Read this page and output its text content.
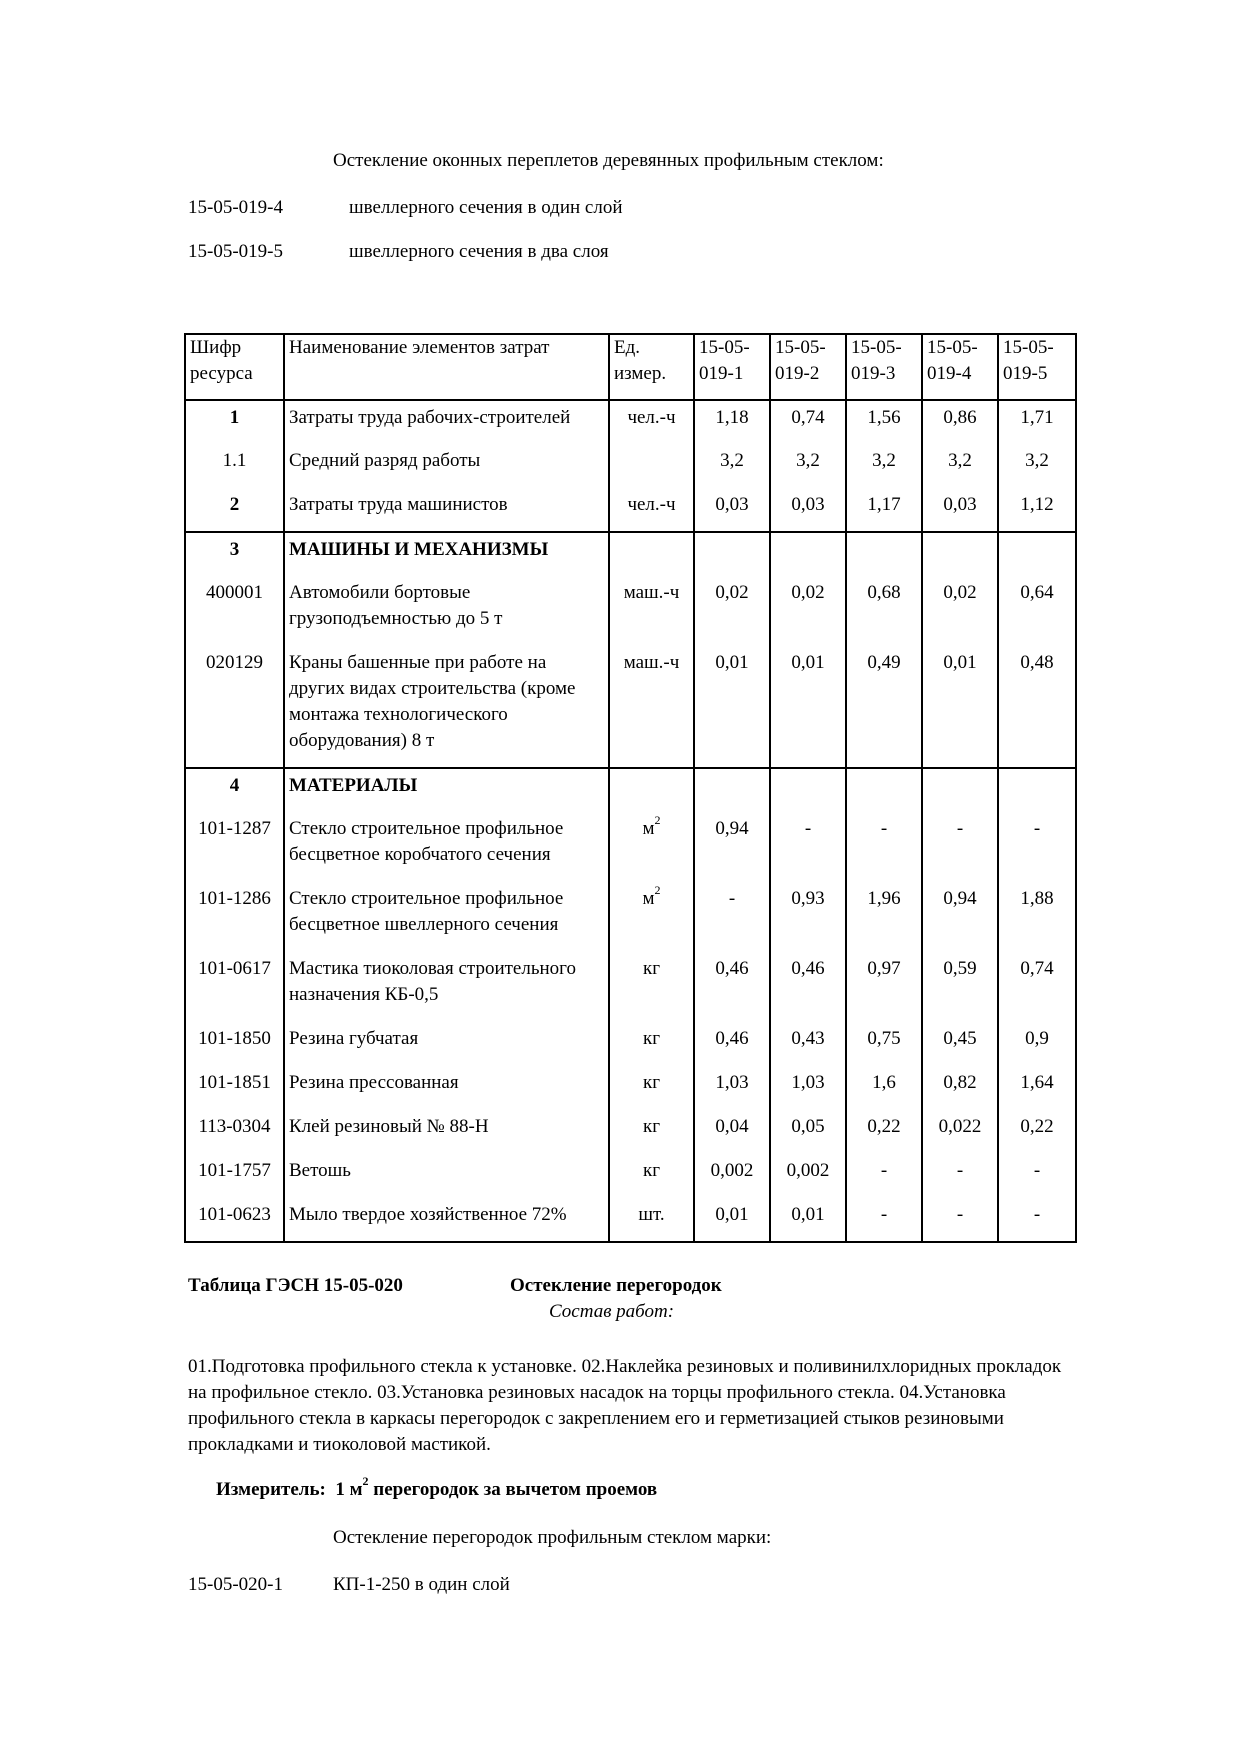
Остекление оконных переплетов деревянных профильным стеклом:
15-05-019-4	швеллерного сечения в один слой
15-05-019-5	швеллерного сечения в два слоя
Шифр ресурса	Наименование элементов затрат	Ед. измер.	15-05-019-1	15-05-019-2	15-05-019-3	15-05-019-4	15-05-019-5
1	Затраты труда рабочих-строителей	чел.-ч	1,18	0,74	1,56	0,86	1,71
1.1	Средний разряд работы		3,2	3,2	3,2	3,2	3,2
2	Затраты труда машинистов	чел.-ч	0,03	0,03	1,17	0,03	1,12
3	МАШИНЫ И МЕХАНИЗМЫ						
400001	Автомобили бортовые грузоподъемностью до 5 т	маш.-ч	0,02	0,02	0,68	0,02	0,64
020129	Краны башенные при работе на других видах строительства (кроме монтажа технологического оборудования) 8 т	маш.-ч	0,01	0,01	0,49	0,01	0,48
4	МАТЕРИАЛЫ						
101-1287	Стекло строительное профильное бесцветное коробчатого сечения	$м^2$	0,94	-	-	-	-
101-1286	Стекло строительное профильное бесцветное швеллерного сечения	$м^2$	-	0,93	1,96	0,94	1,88
101-0617	Мастика тиоколовая строительного назначения КБ-0,5	кг	0,46	0,46	0,97	0,59	0,74
101-1850	Резина губчатая	кг	0,46	0,43	0,75	0,45	0,9
101-1851	Резина прессованная	кг	1,03	1,03	1,6	0,82	1,64
113-0304	Клей резиновый № 88-Н	кг	0,04	0,05	0,22	0,022	0,22
101-1757	Ветошь	кг	0,002	0,002	-	-	-
101-0623	Мыло твердое хозяйственное 72%	шт.	0,01	0,01	-	-	-
Таблица ГЭСН 15-05-020	Остекление перегородок
Состав работ:
01.Подготовка профильного стекла к установке. 02.Наклейка резиновых и поливинилхлоридных прокладок на профильное стекло. 03.Установка резиновых насадок на торцы профильного стекла. 04.Установка профильного стекла в каркасы перегородок с закреплением его и герметизацией стыков резиновыми прокладками и тиоколовой мастикой.
Измеритель: 1 $м^2$ перегородок за вычетом проемов
Остекление перегородок профильным стеклом марки:
15-05-020-1	КП-1-250 в один слой
